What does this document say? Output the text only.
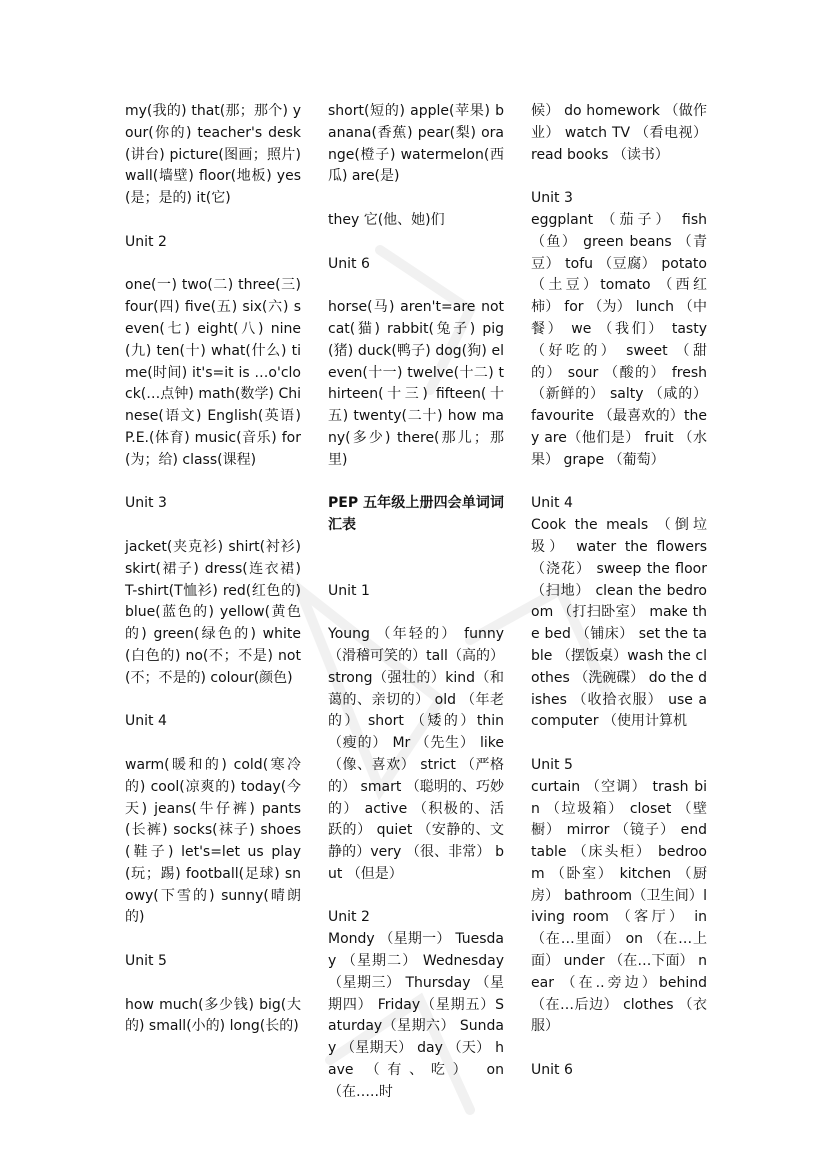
my(我的) that(那；那个) your(你的) teacher's desk(讲台) picture(图画；照片) wall(墙壁) floor(地板) yes(是；是的) it(它)

Unit 2

one(一) two(二) three(三) four(四) five(五) six(六) seven(七) eight(八) nine(九) ten(十) what(什么) time(时间) it's=it is …o'clock(…点钟) math(数学) Chinese(语文) English(英语) P.E.(体育) music(音乐) for(为；给) class(课程)

Unit 3

jacket(夹克衫) shirt(衬衫) skirt(裙子) dress(连衣裙) T-shirt(T恤衫) red(红色的) blue(蓝色的) yellow(黄色的) green(绿色的) white(白色的) no(不；不是) not(不；不是的) colour(颜色)

Unit 4

warm(暖和的) cold(寒冷的) cool(凉爽的) today(今天) jeans(牛仔裤) pants(长裤) socks(袜子) shoes(鞋子) let's=let us play(玩；踢) football(足球) snowy(下雪的) sunny(晴朗的)

Unit 5

how much(多少钱) big(大的) small(小的) long(长的)

short(短的) apple(苹果) banana(香蕉) pear(梨) orange(橙子) watermelon(西瓜) are(是)

they 它(他、她)们

Unit 6

horse(马) aren't=are not cat(猫) rabbit(兔子) pig(猪) duck(鸭子) dog(狗) eleven(十一) twelve(十二) thirteen(十三) fifteen(十五) twenty(二十) how many(多少) there(那儿；那里)

PEP 五年级上册四会单词词汇表

Unit 1

Young （年轻的） funny （滑稽可笑的）tall（高的）strong（强壮的）kind（和蔼的、亲切的） old （年老的） short （矮的）thin （瘦的） Mr （先生） like （像、喜欢） strict （严格的） smart （聪明的、巧妙的） active （积极的、活跃的） quiet （安静的、文静的）very （很、非常） but （但是）

Unit 2

Mondy （星期一） Tuesday （星期二） Wednesday （星期三） Thursday （星期四） Friday（星期五）Saturday（星期六） Sunday （星期天） day （天） have （有、吃） on （在…..时

候） do homework （做作业） watch TV （看电视） read books （读书）

Unit 3

eggplant （茄子） fish （鱼） green beans （青豆） tofu （豆腐） potato （土豆）tomato （西红柿） for （为） lunch （中餐） we （我们） tasty （好吃的） sweet （甜的） sour （酸的） fresh （新鲜的） salty （咸的） favourite （最喜欢的）they are（他们是） fruit （水果） grape （葡萄）

Unit 4

Cook the meals （倒垃圾） water the flowers （浇花） sweep the floor （扫地） clean the bedroom （打扫卧室） make the bed （铺床） set the table （摆饭桌）wash the clothes （洗碗碟） do the dishes （收拾衣服） use a computer （使用计算机

Unit 5

curtain （空调） trash bin （垃圾箱） closet （壁橱） mirror （镜子） end table （床头柜） bedroom （卧室） kitchen （厨房） bathroom（卫生间）living room （客厅） in （在…里面） on （在…上面） under （在…下面） near （在..旁边）behind（在…后边） clothes （衣服）

Unit 6
